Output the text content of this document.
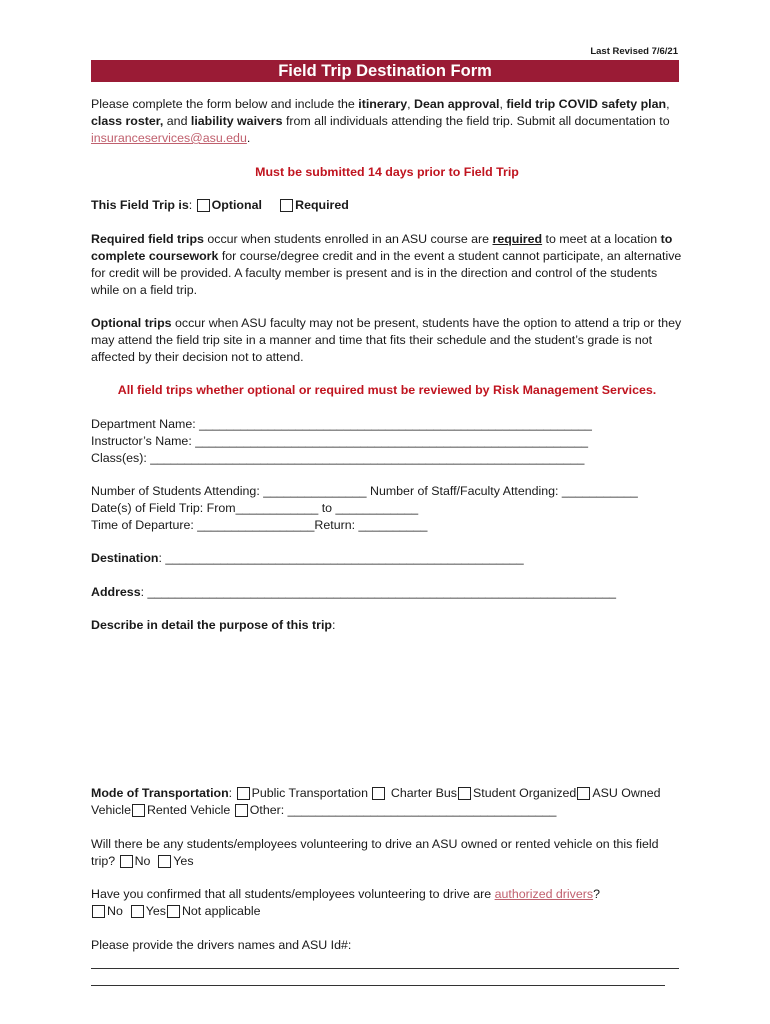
Last Revised 7/6/21
Field Trip Destination Form
Please complete the form below and include the itinerary, Dean approval, field trip COVID safety plan, class roster, and liability waivers from all individuals attending the field trip. Submit all documentation to insuranceservices@asu.edu.
Must be submitted 14 days prior to Field Trip
This Field Trip is: Optional	Required
Required field trips occur when students enrolled in an ASU course are required to meet at a location to complete coursework for course/degree credit and in the event a student cannot participate, an alternative for credit will be provided. A faculty member is present and is in the direction and control of the students while on a field trip.
Optional trips occur when ASU faculty may not be present, students have the option to attend a trip or they may attend the field trip site in a manner and time that fits their schedule and the student’s grade is not affected by their decision not to attend.
All field trips whether optional or required must be reviewed by Risk Management Services.
Department Name: _________________________________________________________
Instructor’s Name: _________________________________________________________
Class(es): _______________________________________________________________
Number of Students Attending: _______________ Number of Staff/Faculty Attending: ___________
Date(s) of Field Trip: From____________ to ____________
Time of Departure: _________________Return: __________
Destination: ____________________________________________________
Address: ____________________________________________________________________
Describe in detail the purpose of this trip:
Mode of Transportation: Public Transportation  Charter Bus Student Organized ASU Owned Vehicle Rented Vehicle Other: _______________________________________
Will there be any students/employees volunteering to drive an ASU owned or rented vehicle on this field trip? No Yes
Have you confirmed that all students/employees volunteering to drive are authorized drivers?
No Yes Not applicable
Please provide the drivers names and ASU Id#:
